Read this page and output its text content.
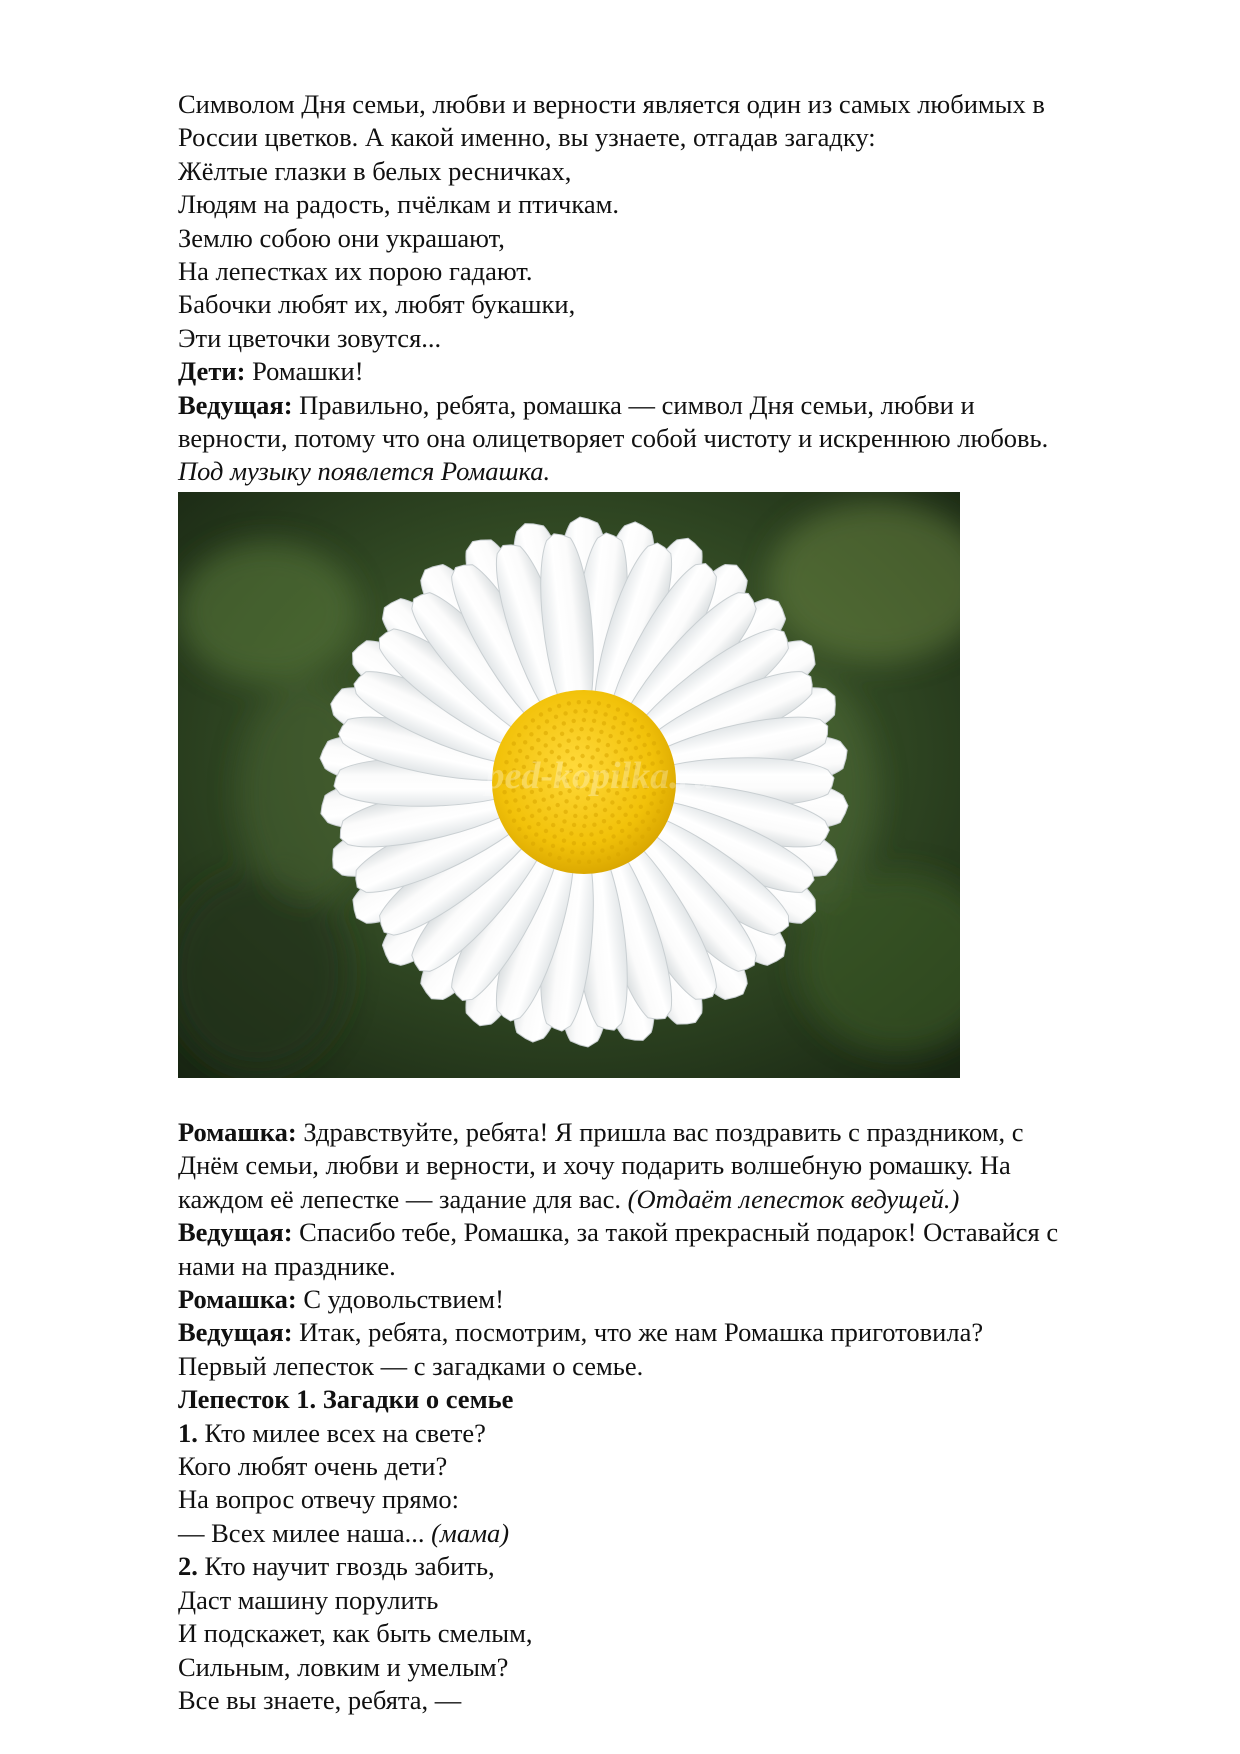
Символом Дня семьи, любви и верности является один из самых любимых в
России цветков. А какой именно, вы узнаете, отгадав загадку:
Жёлтые глазки в белых ресничках,
Людям на радость, пчёлкам и птичкам.
Землю собою они украшают,
На лепестках их порою гадают.
Бабочки любят их, любят букашки,
Эти цветочки зовутся...
Дети: Ромашки!
Ведущая: Правильно, ребята, ромашка — символ Дня семьи, любви и
верности, потому что она олицетворяет собой чистоту и искреннюю любовь.
Под музыку появлется Ромашка.
ped-kopilka.ru
Ромашка: Здравствуйте, ребята! Я пришла вас поздравить с праздником, с
Днём семьи, любви и верности, и хочу подарить волшебную ромашку. На
каждом её лепестке — задание для вас. (Отдаёт лепесток ведущей.)
Ведущая: Спасибо тебе, Ромашка, за такой прекрасный подарок! Оставайся с
нами на празднике.
Ромашка: С удовольствием!
Ведущая: Итак, ребята, посмотрим, что же нам Ромашка приготовила?
Первый лепесток — с загадками о семье.
Лепесток 1. Загадки о семье
1. Кто милее всех на свете?
Кого любят очень дети?
На вопрос отвечу прямо:
— Всех милее наша... (мама)
2. Кто научит гвоздь забить,
Даст машину порулить
И подскажет, как быть смелым,
Сильным, ловким и умелым?
Все вы знаете, ребята, —
